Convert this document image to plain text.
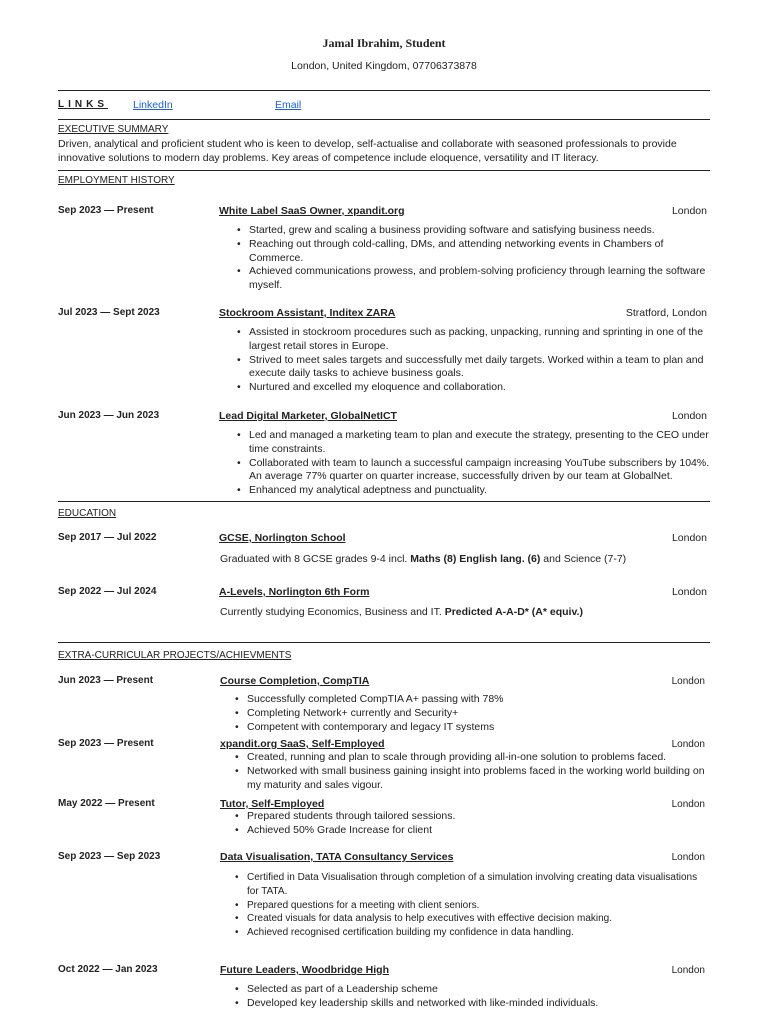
Jamal Ibrahim, Student
London, United Kingdom, 07706373878
LINKS LinkedIn	Email
EXECUTIVE SUMMARY
Driven, analytical and proficient student who is keen to develop, self-actualise and collaborate with seasoned professionals to provide innovative solutions to modern day problems. Key areas of competence include eloquence, versatility and IT literacy.
EMPLOYMENT HISTORY
Sep 2023 — Present	White Label SaaS Owner, xpandit.org	London
• Started, grew and scaling a business providing software and satisfying business needs.
• Reaching out through cold-calling, DMs, and attending networking events in Chambers of Commerce.
• Achieved communications prowess, and problem-solving proficiency through learning the software myself.
Jul 2023 — Sept 2023	Stockroom Assistant, Inditex ZARA	Stratford, London
• Assisted in stockroom procedures such as packing, unpacking, running and sprinting in one of the largest retail stores in Europe.
• Strived to meet sales targets and successfully met daily targets. Worked within a team to plan and execute daily tasks to achieve business goals.
• Nurtured and excelled my eloquence and collaboration.
Jun 2023 — Jun 2023	Lead Digital Marketer, GlobalNetICT	London
• Led and managed a marketing team to plan and execute the strategy, presenting to the CEO under time constraints.
• Collaborated with team to launch a successful campaign increasing YouTube subscribers by 104%. An average 77% quarter on quarter increase, successfully driven by our team at GlobalNet.
• Enhanced my analytical adeptness and punctuality.
EDUCATION
Sep 2017 — Jul 2022	GCSE, Norlington School	London
Graduated with 8 GCSE grades 9-4 incl. Maths (8) English lang. (6) and Science (7-7)
Sep 2022 — Jul 2024	A-Levels, Norlington 6th Form	London
Currently studying Economics, Business and IT. Predicted A-A-D* (A* equiv.)
EXTRA-CURRICULAR PROJECTS/ACHIEVMENTS
Jun 2023 — Present	Course Completion, CompTIA	London
• Successfully completed CompTIA A+ passing with 78%
• Completing Network+ currently and Security+
• Competent with contemporary and legacy IT systems
Sep 2023 — Present	xpandit.org SaaS, Self-Employed	London
• Created, running and plan to scale through providing all-in-one solution to problems faced.
• Networked with small business gaining insight into problems faced in the working world building on my maturity and sales vigour.
May 2022 — Present	Tutor, Self-Employed	London
• Prepared students through tailored sessions.
• Achieved 50% Grade Increase for client
Sep 2023 — Sep 2023	Data Visualisation, TATA Consultancy Services	London
• Certified in Data Visualisation through completion of a simulation involving creating data visualisations for TATA.
• Prepared questions for a meeting with client seniors.
• Created visuals for data analysis to help executives with effective decision making.
• Achieved recognised certification building my confidence in data handling.
Oct 2022 — Jan 2023	Future Leaders, Woodbridge High	London
• Selected as part of a Leadership scheme
• Developed key leadership skills and networked with like-minded individuals.
